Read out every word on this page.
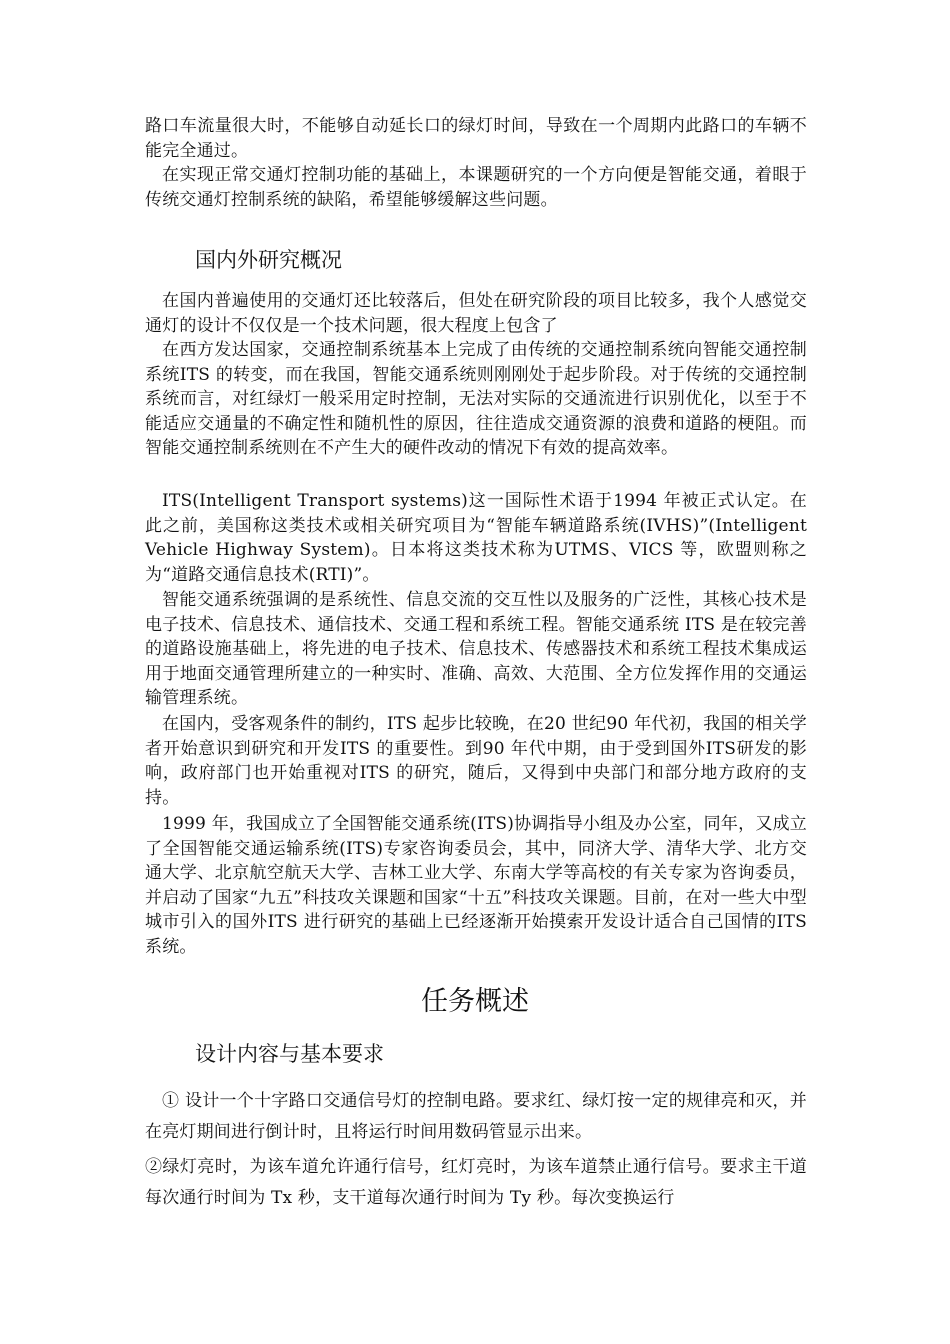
路口车流量很大时，不能够自动延长口的绿灯时间，导致在一个周期内此路口的车辆不能完全通过。

在实现正常交通灯控制功能的基础上，本课题研究的一个方向便是智能交通，着眼于传统交通灯控制系统的缺陷，希望能够缓解这些问题。

国内外研究概况

在国内普遍使用的交通灯还比较落后，但处在研究阶段的项目比较多，我个人感觉交通灯的设计不仅仅是一个技术问题，很大程度上包含了

在西方发达国家，交通控制系统基本上完成了由传统的交通控制系统向智能交通控制系统ITS 的转变，而在我国，智能交通系统则刚刚处于起步阶段。对于传统的交通控制系统而言，对红绿灯一般采用定时控制，无法对实际的交通流进行识别优化，以至于不能适应交通量的不确定性和随机性的原因，往往造成交通资源的浪费和道路的梗阻。而智能交通控制系统则在不产生大的硬件改动的情况下有效的提高效率。

ITS(Intelligent Transport systems)这一国际性术语于1994 年被正式认定。在此之前，美国称这类技术或相关研究项目为“智能车辆道路系统(IVHS)”(Intelligent Vehicle Highway System)。日本将这类技术称为UTMS、VICS 等，欧盟则称之为“道路交通信息技术(RTI)”。

智能交通系统强调的是系统性、信息交流的交互性以及服务的广泛性，其核心技术是电子技术、信息技术、通信技术、交通工程和系统工程。智能交通系统 ITS 是在较完善的道路设施基础上，将先进的电子技术、信息技术、传感器技术和系统工程技术集成运用于地面交通管理所建立的一种实时、准确、高效、大范围、全方位发挥作用的交通运输管理系统。

在国内，受客观条件的制约，ITS 起步比较晚，在20 世纪90 年代初，我国的相关学者开始意识到研究和开发ITS 的重要性。到90 年代中期，由于受到国外ITS研发的影响，政府部门也开始重视对ITS 的研究，随后，又得到中央部门和部分地方政府的支持。

1999 年，我国成立了全国智能交通系统(ITS)协调指导小组及办公室，同年，又成立了全国智能交通运输系统(ITS)专家咨询委员会，其中，同济大学、清华大学、北方交通大学、北京航空航天大学、吉林工业大学、东南大学等高校的有关专家为咨询委员，并启动了国家“九五”科技攻关课题和国家“十五”科技攻关课题。目前，在对一些大中型城市引入的国外ITS 进行研究的基础上已经逐渐开始摸索开发设计适合自己国情的ITS 系统。

任务概述
设计内容与基本要求

① 设计一个十字路口交通信号灯的控制电路。要求红、绿灯按一定的规律亮和灭，并在亮灯期间进行倒计时，且将运行时间用数码管显示出来。

②绿灯亮时，为该车道允许通行信号，红灯亮时，为该车道禁止通行信号。要求主干道每次通行时间为 Tx 秒，支干道每次通行时间为 Ty 秒。每次变换运行
